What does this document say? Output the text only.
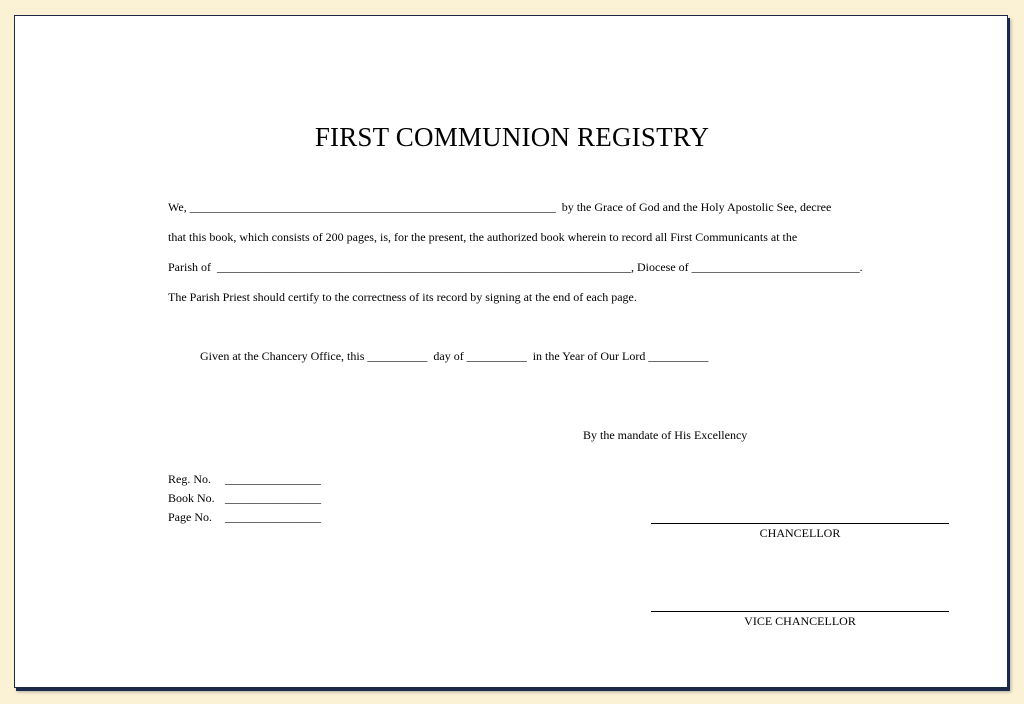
FIRST COMMUNION REGISTRY
We, _____________________________________________________________  by the Grace of God and the Holy Apostolic See, decree
that this book, which consists of 200 pages, is, for the present, the authorized book wherein to record all First Communicants at the
Parish of  _____________________________________________________________________, Diocese of ____________________________.
The Parish Priest should certify to the correctness of its record by signing at the end of each page.
Given at the Chancery Office, this __________  day of __________  in the Year of Our Lord __________
By the mandate of His Excellency
Reg. No. ________________
Book No. ________________
Page No. ________________
CHANCELLOR
VICE CHANCELLOR
